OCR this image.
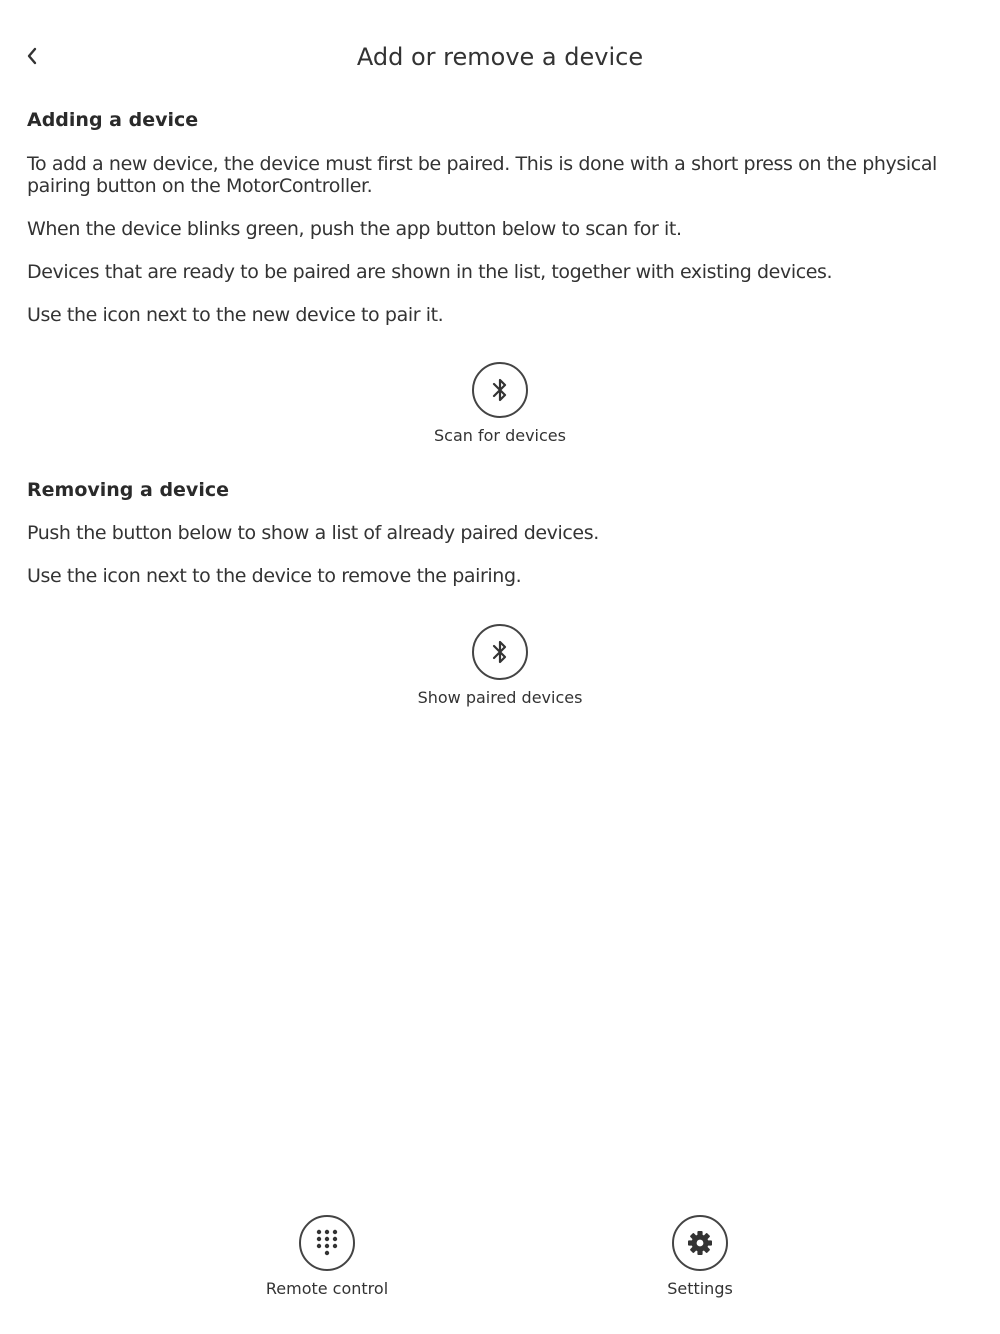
Add or remove a device
Adding a device

To add a new device, the device must first be paired. This is done with a short press on the physical pairing button on the MotorController.

When the device blinks green, push the app button below to scan for it.

Devices that are ready to be paired are shown in the list, together with existing devices.

Use the icon next to the new device to pair it.

Removing a device

Push the button below to show a list of already paired devices.

Use the icon next to the device to remove the pairing.

Scan for devices
Show paired devices
Remote control	Settings
